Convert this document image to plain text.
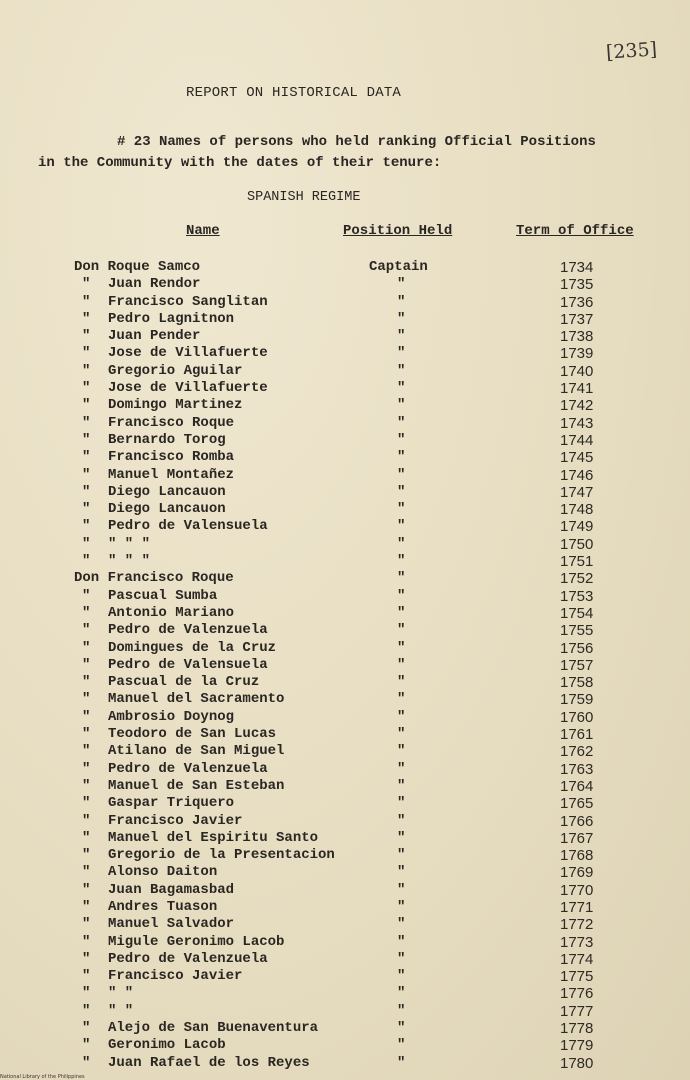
[235]
REPORT ON HISTORICAL DATA
# 23 Names of persons who held ranking Official Positions
in the Community with the dates of their tenure:
SPANISH REGIME
Name	Position Held	Term of Office
Don Roque Samco	Captain	1734
" Juan Rendor	"	1735
" Francisco Sanglitan	"	1736
" Pedro Lagnitnon	"	1737
" Juan Pender	"	1738
" Jose de Villafuerte	"	1739
" Gregorio Aguilar	"	1740
" Jose de Villafuerte	"	1741
" Domingo Martinez	"	1742
" Francisco Roque	"	1743
" Bernardo Torog	"	1744
" Francisco Romba	"	1745
" Manuel Montañez	"	1746
" Diego Lancauon	"	1747
" Diego Lancauon	"	1748
" Pedro de Valensuela	"	1749
" " " "	"	1750
" " " "	"	1751
Don Francisco Roque	"	1752
" Pascual Sumba	"	1753
" Antonio Mariano	"	1754
" Pedro de Valenzuela	"	1755
" Domingues de la Cruz	"	1756
" Pedro de Valensuela	"	1757
" Pascual de la Cruz	"	1758
" Manuel del Sacramento	"	1759
" Ambrosio Doynog	"	1760
" Teodoro de San Lucas	"	1761
" Atilano de San Miguel	"	1762
" Pedro de Valenzuela	"	1763
" Manuel de San Esteban	"	1764
" Gaspar Triquero	"	1765
" Francisco Javier	"	1766
" Manuel del Espiritu Santo	"	1767
" Gregorio de la Presentacion	"	1768
" Alonso Daiton	"	1769
" Juan Bagamasbad	"	1770
" Andres Tuason	"	1771
" Manuel Salvador	"	1772
" Migule Geronimo Lacob	"	1773
" Pedro de Valenzuela	"	1774
" Francisco Javier	"	1775
" " "	"	1776
" " "	"	1777
" Alejo de San Buenaventura	"	1778
" Geronimo Lacob	"	1779
" Juan Rafael de los Reyes	"	1780
National Library of the Philippines
